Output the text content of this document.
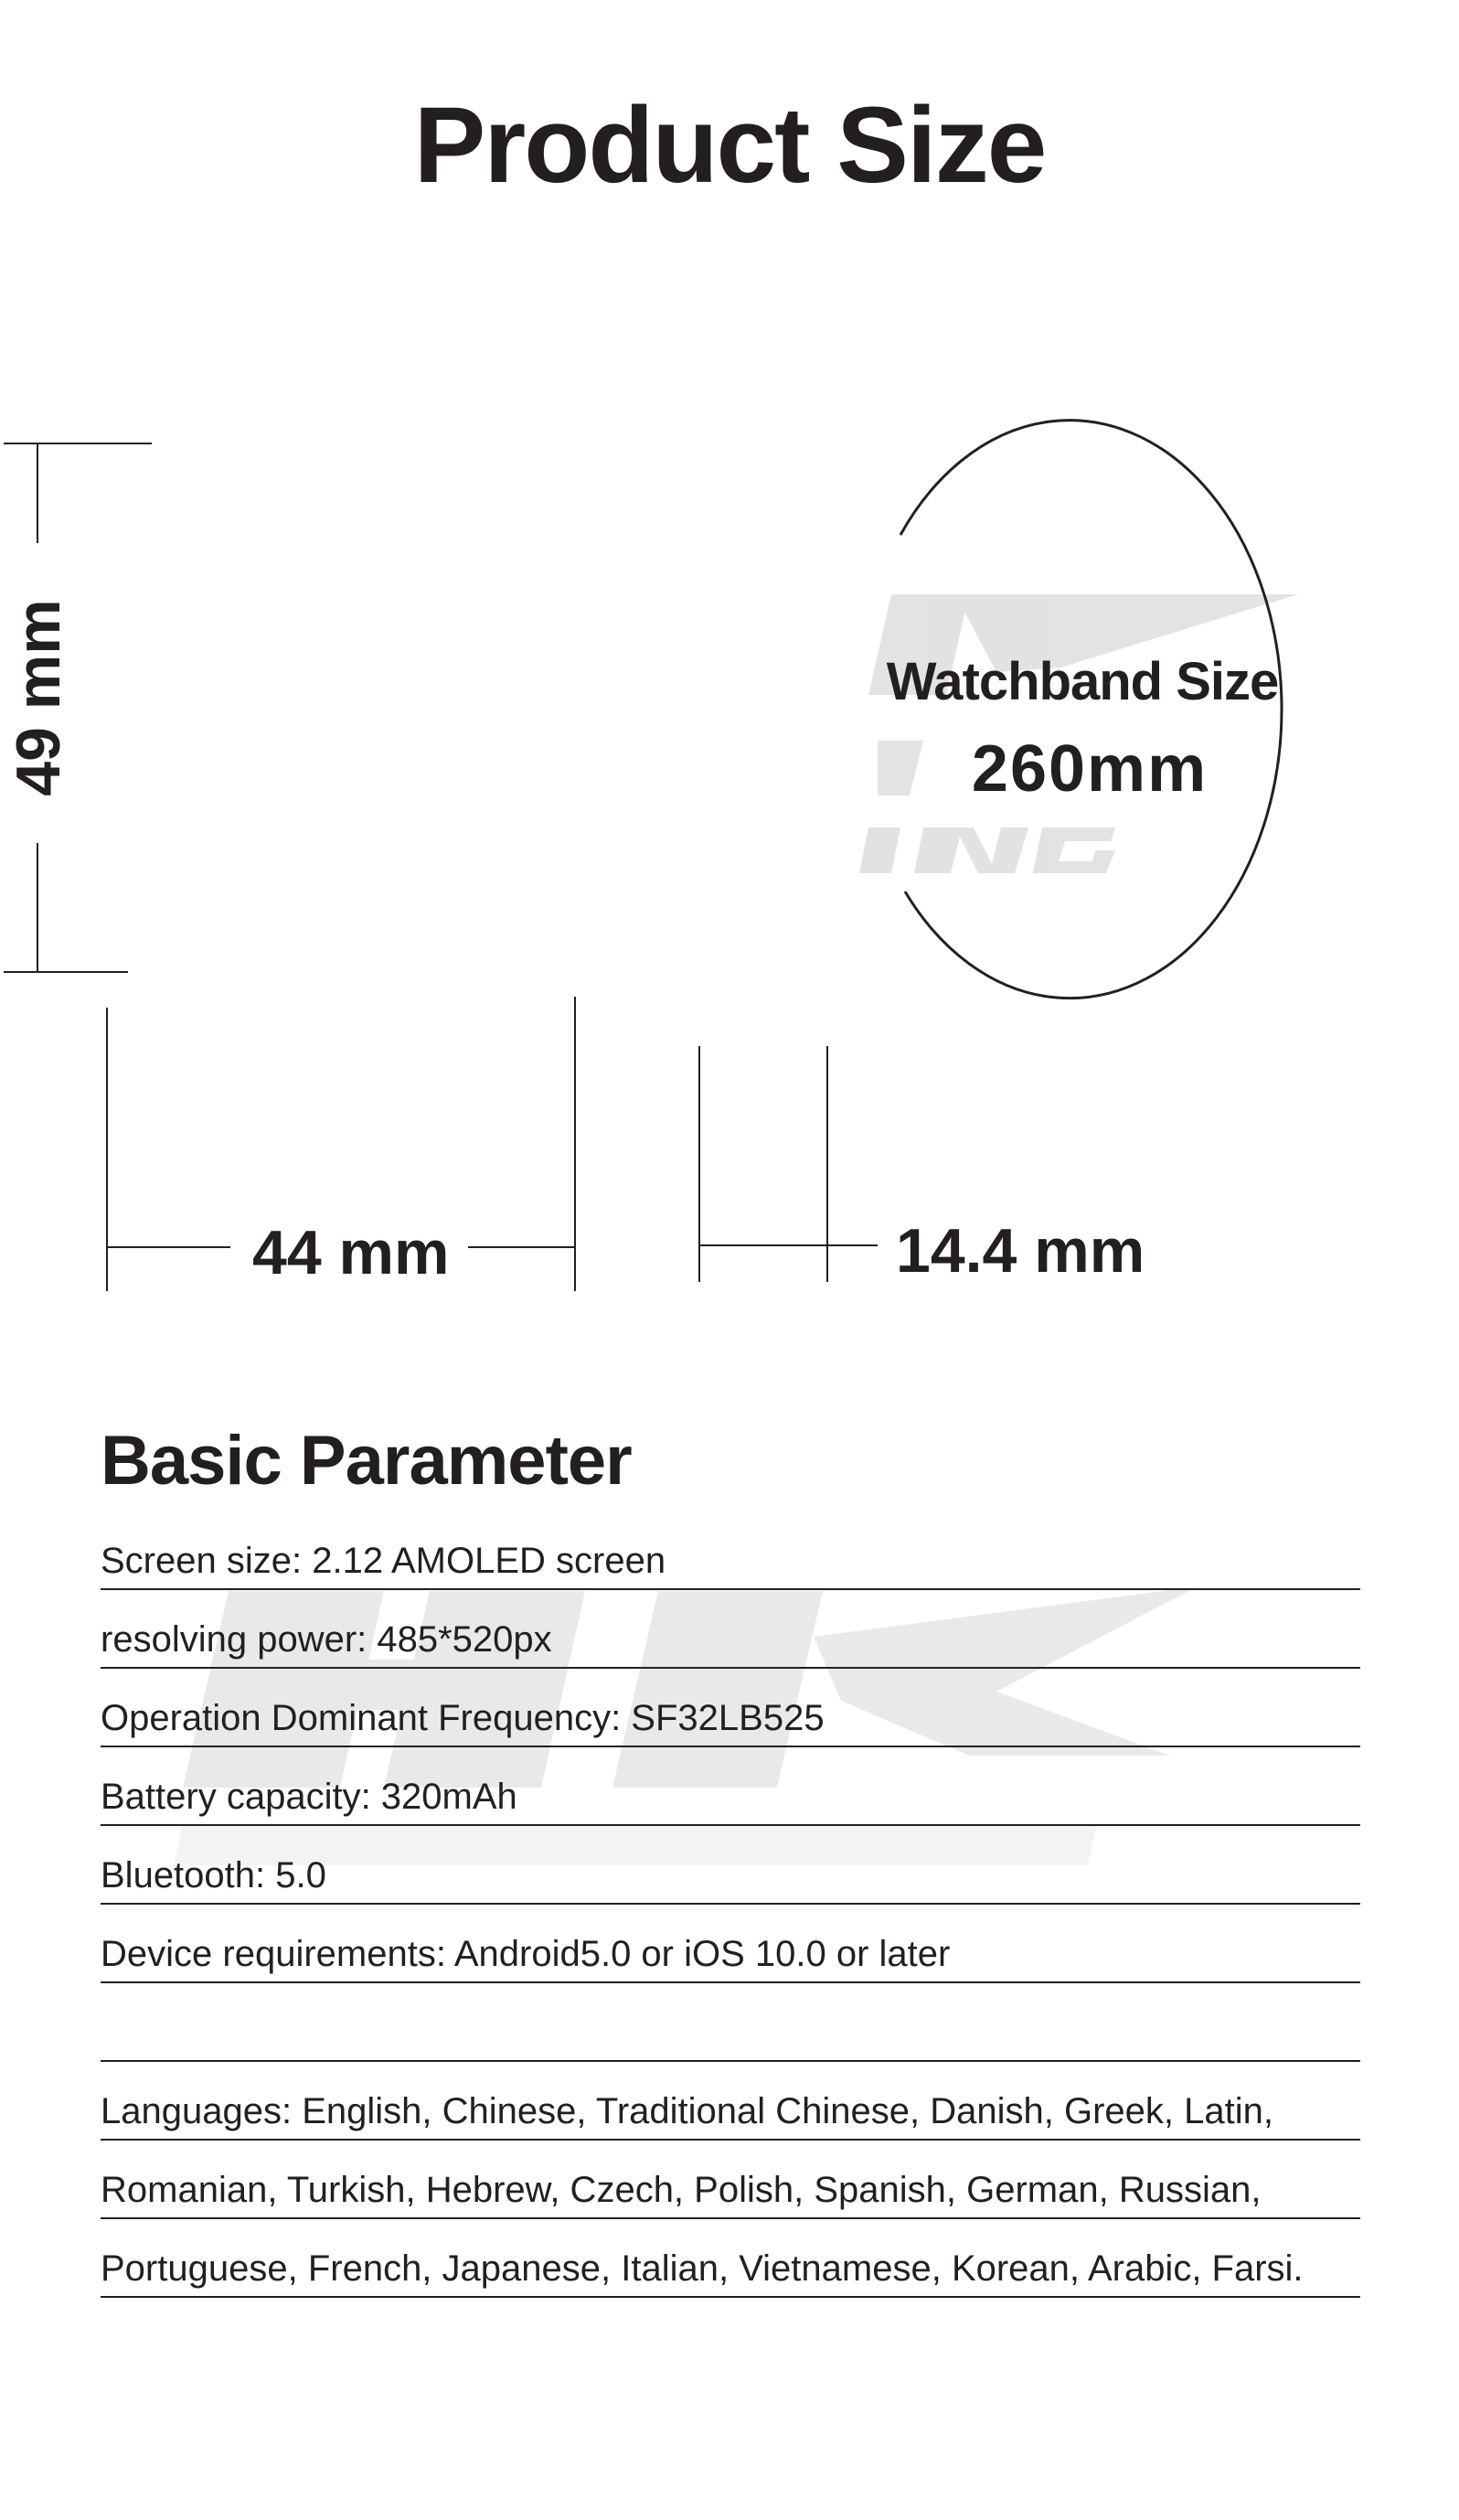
Product Size
49 mm
44 mm	14.4 mm
Watchband Size
260mm
Basic Parameter
Screen size: 2.12 AMOLED screen
resolving power: 485*520px
Operation Dominant Frequency: SF32LB525
Battery capacity: 320mAh
Bluetooth: 5.0
Device requirements: Android5.0 or iOS 10.0 or later
Languages: English, Chinese, Traditional Chinese, Danish, Greek, Latin,
Romanian, Turkish, Hebrew, Czech, Polish, Spanish, German, Russian,
Portuguese, French, Japanese, Italian, Vietnamese, Korean, Arabic, Farsi.
